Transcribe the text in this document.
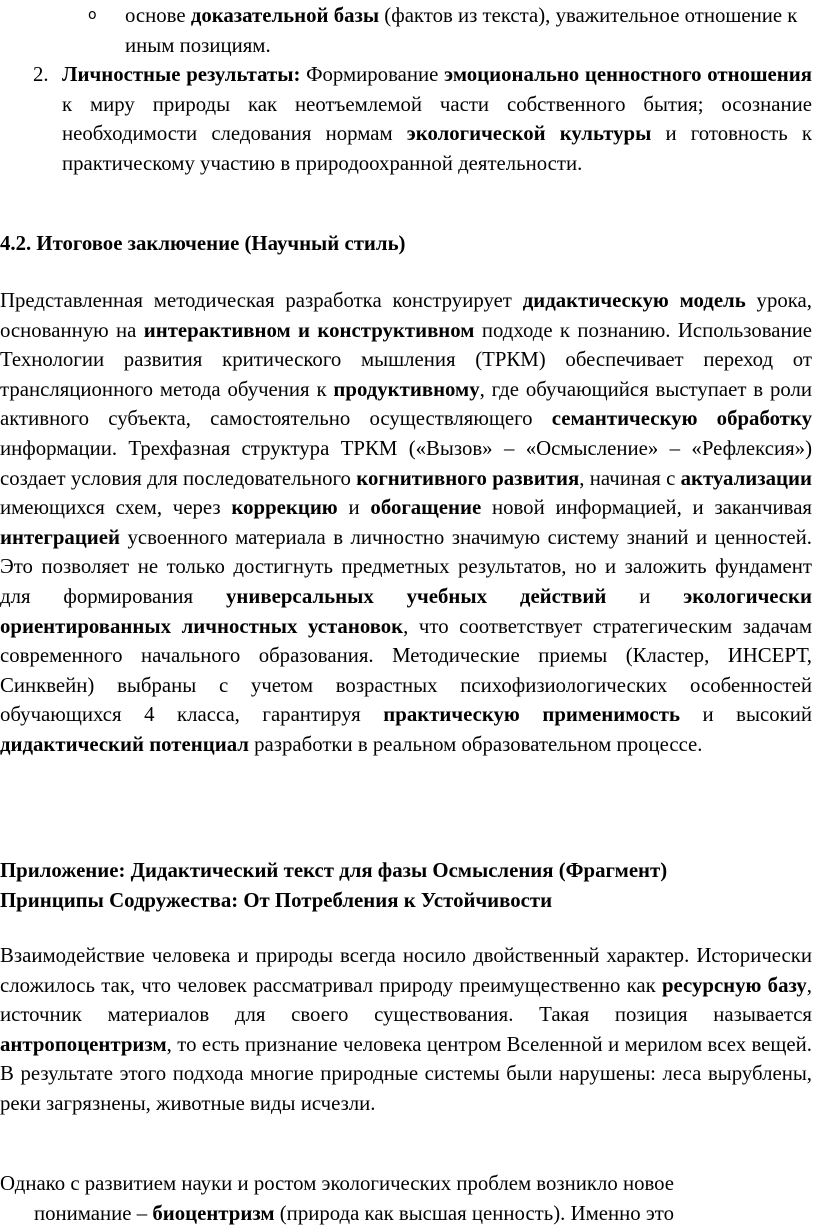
o основе доказательной базы (фактов из текста), уважительное отношение к иным позициям.
2. Личностные результаты: Формирование эмоционально ценностного отношения к миру природы как неотъемлемой части собственного бытия; осознание необходимости следования нормам экологической культуры и готовность к практическому участию в природоохранной деятельности.
4.2. Итоговое заключение (Научный стиль)
Представленная методическая разработка конструирует дидактическую модель урока, основанную на интерактивном и конструктивном подходе к познанию. Использование Технологии развития критического мышления (ТРКМ) обеспечивает переход от трансляционного метода обучения к продуктивному, где обучающийся выступает в роли активного субъекта, самостоятельно осуществляющего семантическую обработку информации. Трехфазная структура ТРКМ («Вызов» – «Осмысление» – «Рефлексия») создает условия для последовательного когнитивного развития, начиная с актуализации имеющихся схем, через коррекцию и обогащение новой информацией, и заканчивая интеграцией усвоенного материала в личностно значимую систему знаний и ценностей. Это позволяет не только достигнуть предметных результатов, но и заложить фундамент для формирования универсальных учебных действий и экологически ориентированных личностных установок, что соответствует стратегическим задачам современного начального образования. Методические приемы (Кластер, ИНСЕРТ, Синквейн) выбраны с учетом возрастных психофизиологических особенностей обучающихся 4 класса, гарантируя практическую применимость и высокий дидактический потенциал разработки в реальном образовательном процессе.
Приложение: Дидактический текст для фазы Осмысления (Фрагмент)
Принципы Содружества: От Потребления к Устойчивости
Взаимодействие человека и природы всегда носило двойственный характер. Исторически сложилось так, что человек рассматривал природу преимущественно как ресурсную базу, источник материалов для своего существования. Такая позиция называется антропоцентризм, то есть признание человека центром Вселенной и мерилом всех вещей. В результате этого подхода многие природные системы были нарушены: леса вырублены, реки загрязнены, животные виды исчезли.
Однако с развитием науки и ростом экологических проблем возникло новое
понимание – биоцентризм (природа как высшая ценность). Именно это
